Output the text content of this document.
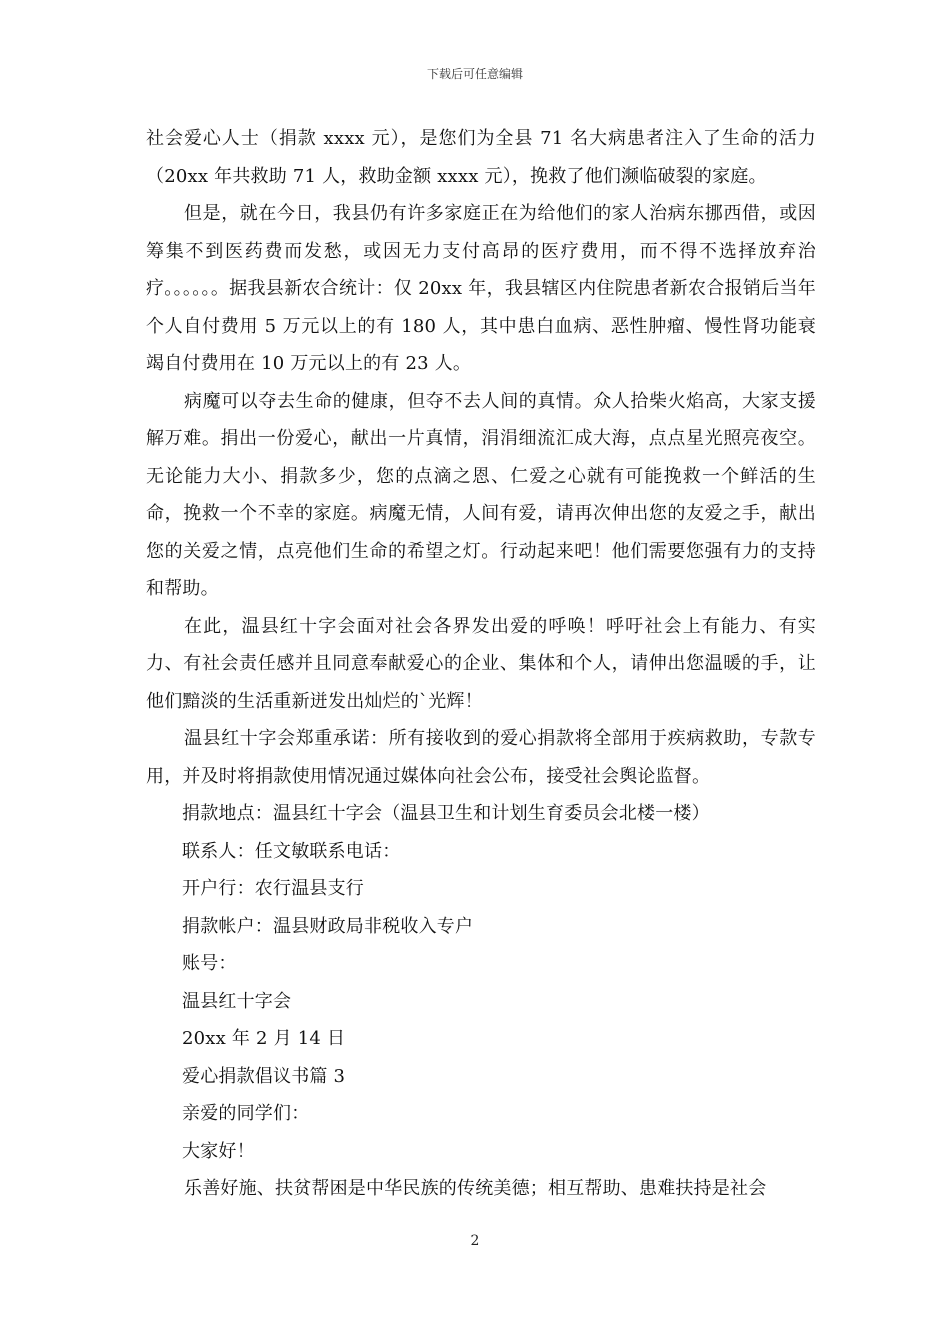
下载后可任意编辑

社会爱心人士（捐款 xxxx 元），是您们为全县 71 名大病患者注入了生命的活力（20xx 年共救助 71 人，救助金额 xxxx 元），挽救了他们濒临破裂的家庭。

但是，就在今日，我县仍有许多家庭正在为给他们的家人治病东挪西借，或因筹集不到医药费而发愁，或因无力支付高昂的医疗费用，而不得不选择放弃治疗。。。。。。据我县新农合统计：仅 20xx 年，我县辖区内住院患者新农合报销后当年个人自付费用 5 万元以上的有 180 人，其中患白血病、恶性肿瘤、慢性肾功能衰竭自付费用在 10 万元以上的有 23 人。

病魔可以夺去生命的健康，但夺不去人间的真情。众人拾柴火焰高，大家支援解万难。捐出一份爱心，献出一片真情，涓涓细流汇成大海，点点星光照亮夜空。无论能力大小、捐款多少，您的点滴之恩、仁爱之心就有可能挽救一个鲜活的生命，挽救一个不幸的家庭。病魔无情，人间有爱，请再次伸出您的友爱之手，献出您的关爱之情，点亮他们生命的希望之灯。行动起来吧！他们需要您强有力的支持和帮助。

在此，温县红十字会面对社会各界发出爱的呼唤！呼吁社会上有能力、有实力、有社会责任感并且同意奉献爱心的企业、集体和个人，请伸出您温暖的手，让他们黯淡的生活重新迸发出灿烂的`光辉！

温县红十字会郑重承诺：所有接收到的爱心捐款将全部用于疾病救助，专款专用，并及时将捐款使用情况通过媒体向社会公布，接受社会舆论监督。

捐款地点：温县红十字会（温县卫生和计划生育委员会北楼一楼）

联系人：任文敏联系电话：

开户行：农行温县支行

捐款帐户：温县财政局非税收入专户

账号：

温县红十字会

20xx 年 2 月 14 日

爱心捐款倡议书篇 3

亲爱的同学们：

大家好！

乐善好施、扶贫帮困是中华民族的传统美德；相互帮助、患难扶持是社会

2
